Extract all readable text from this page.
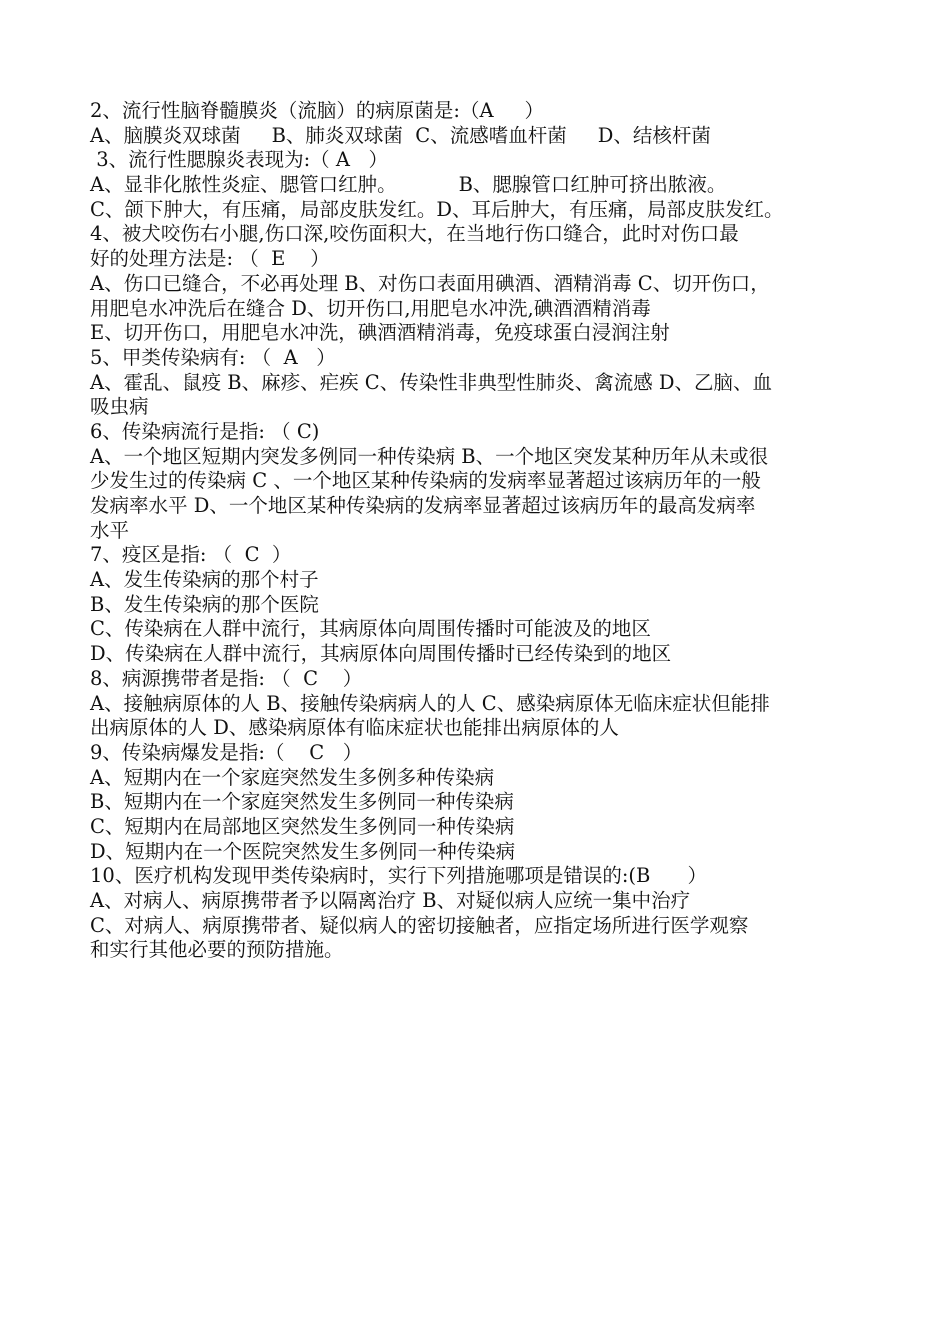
2、流行性脑脊髓膜炎（流脑）的病原菌是:（A     ）
A、脑膜炎双球菌     B、肺炎双球菌  C、流感嗜血杆菌     D、结核杆菌
3、流行性腮腺炎表现为:（ A   ）
A、显非化脓性炎症、腮管口红肿。          B、腮腺管口红肿可挤出脓液。
C、颌下肿大，有压痛，局部皮肤发红。D、耳后肿大，有压痛，局部皮肤发红。
4、被犬咬伤右小腿,伤口深,咬伤面积大，在当地行伤口缝合，此时对伤口最
好的处理方法是: （  E    ）
A、伤口已缝合，不必再处理 B、对伤口表面用碘酒、酒精消毒 C、切开伤口，
用肥皂水冲洗后在缝合 D、切开伤口,用肥皂水冲洗,碘酒酒精消毒
E、切开伤口，用肥皂水冲洗，碘酒酒精消毒，免疫球蛋白浸润注射
5、甲类传染病有: （  A   ）
A、霍乱、鼠疫 B、麻疹、疟疾 C、传染性非典型性肺炎、禽流感 D、乙脑、血
吸虫病
6、传染病流行是指: （ C)
A、一个地区短期内突发多例同一种传染病 B、一个地区突发某种历年从未或很
少发生过的传染病 C 、一个地区某种传染病的发病率显著超过该病历年的一般
发病率水平 D、一个地区某种传染病的发病率显著超过该病历年的最高发病率
水平
7、疫区是指: （  C  ）
A、发生传染病的那个村子
B、发生传染病的那个医院
C、传染病在人群中流行，其病原体向周围传播时可能波及的地区
D、传染病在人群中流行，其病原体向周围传播时已经传染到的地区
8、病源携带者是指: （  C    ）
A、接触病原体的人 B、接触传染病病人的人 C、感染病原体无临床症状但能排
出病原体的人 D、感染病原体有临床症状也能排出病原体的人
9、传染病爆发是指:（    C   ）
A、短期内在一个家庭突然发生多例多种传染病
B、短期内在一个家庭突然发生多例同一种传染病
C、短期内在局部地区突然发生多例同一种传染病
D、短期内在一个医院突然发生多例同一种传染病
10、医疗机构发现甲类传染病时，实行下列措施哪项是错误的:(B      ）
A、对病人、病原携带者予以隔离治疗 B、对疑似病人应统一集中治疗
C、对病人、病原携带者、疑似病人的密切接触者，应指定场所进行医学观察
和实行其他必要的预防措施。
